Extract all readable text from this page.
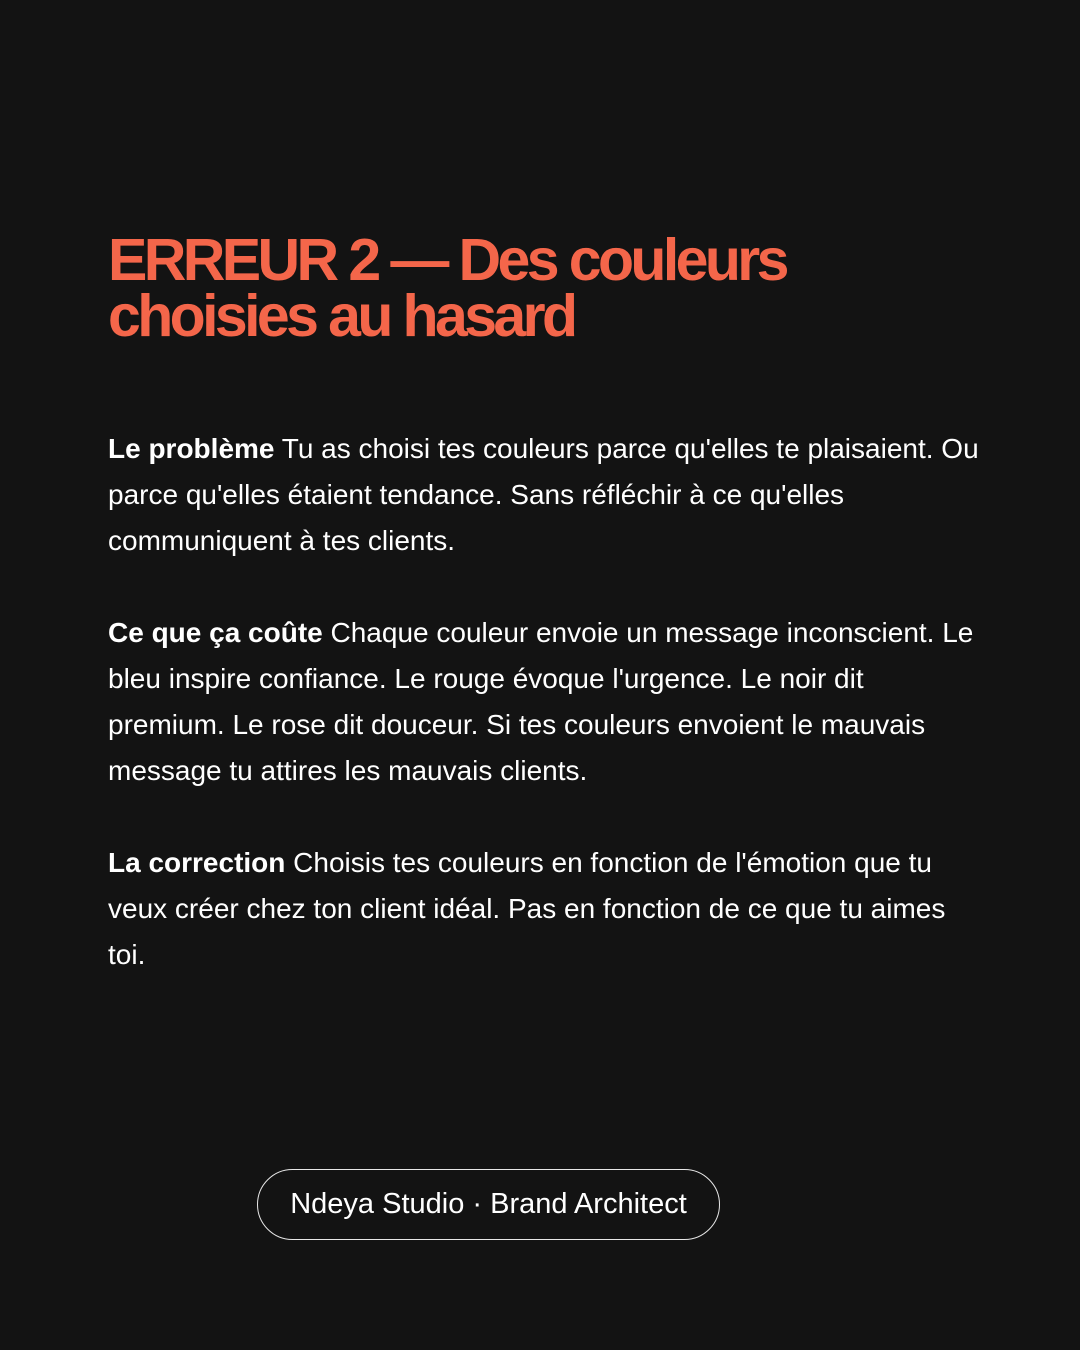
ERREUR 2 — Des couleurs
choisies au hasard

Le problème Tu as choisi tes couleurs parce qu'elles te plaisaient. Ou parce qu'elles étaient tendance. Sans réfléchir à ce qu'elles communiquent à tes clients.

Ce que ça coûte Chaque couleur envoie un message inconscient. Le bleu inspire confiance. Le rouge évoque l'urgence. Le noir dit premium. Le rose dit douceur. Si tes couleurs envoient le mauvais message tu attires les mauvais clients.

La correction Choisis tes couleurs en fonction de l'émotion que tu veux créer chez ton client idéal. Pas en fonction de ce que tu aimes toi.

Ndeya Studio · Brand Architect
